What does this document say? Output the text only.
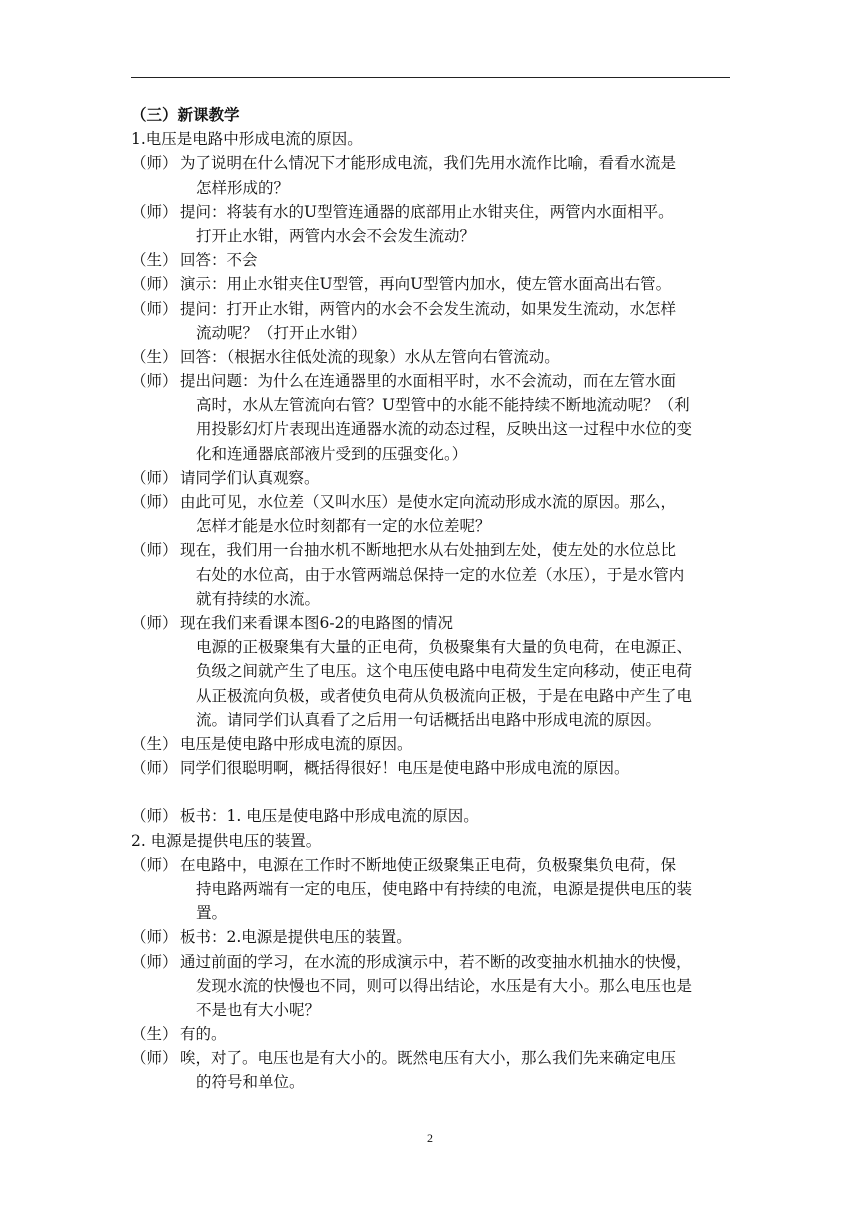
（三）新课教学
1.电压是电路中形成电流的原因。
（师） 为了说明在什么情况下才能形成电流，我们先用水流作比喻，看看水流是
怎样形成的？
（师） 提问：将装有水的U型管连通器的底部用止水钳夹住，两管内水面相平。
打开止水钳，两管内水会不会发生流动？
（生） 回答：不会
（师） 演示：用止水钳夹住U型管，再向U型管内加水，使左管水面高出右管。
（师） 提问：打开止水钳，两管内的水会不会发生流动，如果发生流动，水怎样
流动呢？（打开止水钳）
（生） 回答：（根据水往低处流的现象）水从左管向右管流动。
（师） 提出问题：为什么在连通器里的水面相平时，水不会流动，而在左管水面
高时，水从左管流向右管？U型管中的水能不能持续不断地流动呢？（利
用投影幻灯片表现出连通器水流的动态过程，反映出这一过程中水位的变
化和连通器底部液片受到的压强变化。）
（师） 请同学们认真观察。
（师） 由此可见，水位差（又叫水压）是使水定向流动形成水流的原因。那么，
怎样才能是水位时刻都有一定的水位差呢？
（师） 现在，我们用一台抽水机不断地把水从右处抽到左处，使左处的水位总比
右处的水位高，由于水管两端总保持一定的水位差（水压），于是水管内
就有持续的水流。
（师） 现在我们来看课本图6-2的电路图的情况
电源的正极聚集有大量的正电荷，负极聚集有大量的负电荷，在电源正、
负级之间就产生了电压。这个电压使电路中电荷发生定向移动，使正电荷
从正极流向负极，或者使负电荷从负极流向正极，于是在电路中产生了电
流。请同学们认真看了之后用一句话概括出电路中形成电流的原因。
（生） 电压是使电路中形成电流的原因。
（师） 同学们很聪明啊，概括得很好！电压是使电路中形成电流的原因。
（师） 板书：1. 电压是使电路中形成电流的原因。
2. 电源是提供电压的装置。
（师） 在电路中，电源在工作时不断地使正级聚集正电荷，负极聚集负电荷，保
持电路两端有一定的电压，使电路中有持续的电流，电源是提供电压的装
置。
（师） 板书：2.电源是提供电压的装置。
（师） 通过前面的学习，在水流的形成演示中，若不断的改变抽水机抽水的快慢，
发现水流的快慢也不同，则可以得出结论，水压是有大小。那么电压也是
不是也有大小呢？
（生） 有的。
（师） 唉，对了。电压也是有大小的。既然电压有大小，那么我们先来确定电压
的符号和单位。
2
